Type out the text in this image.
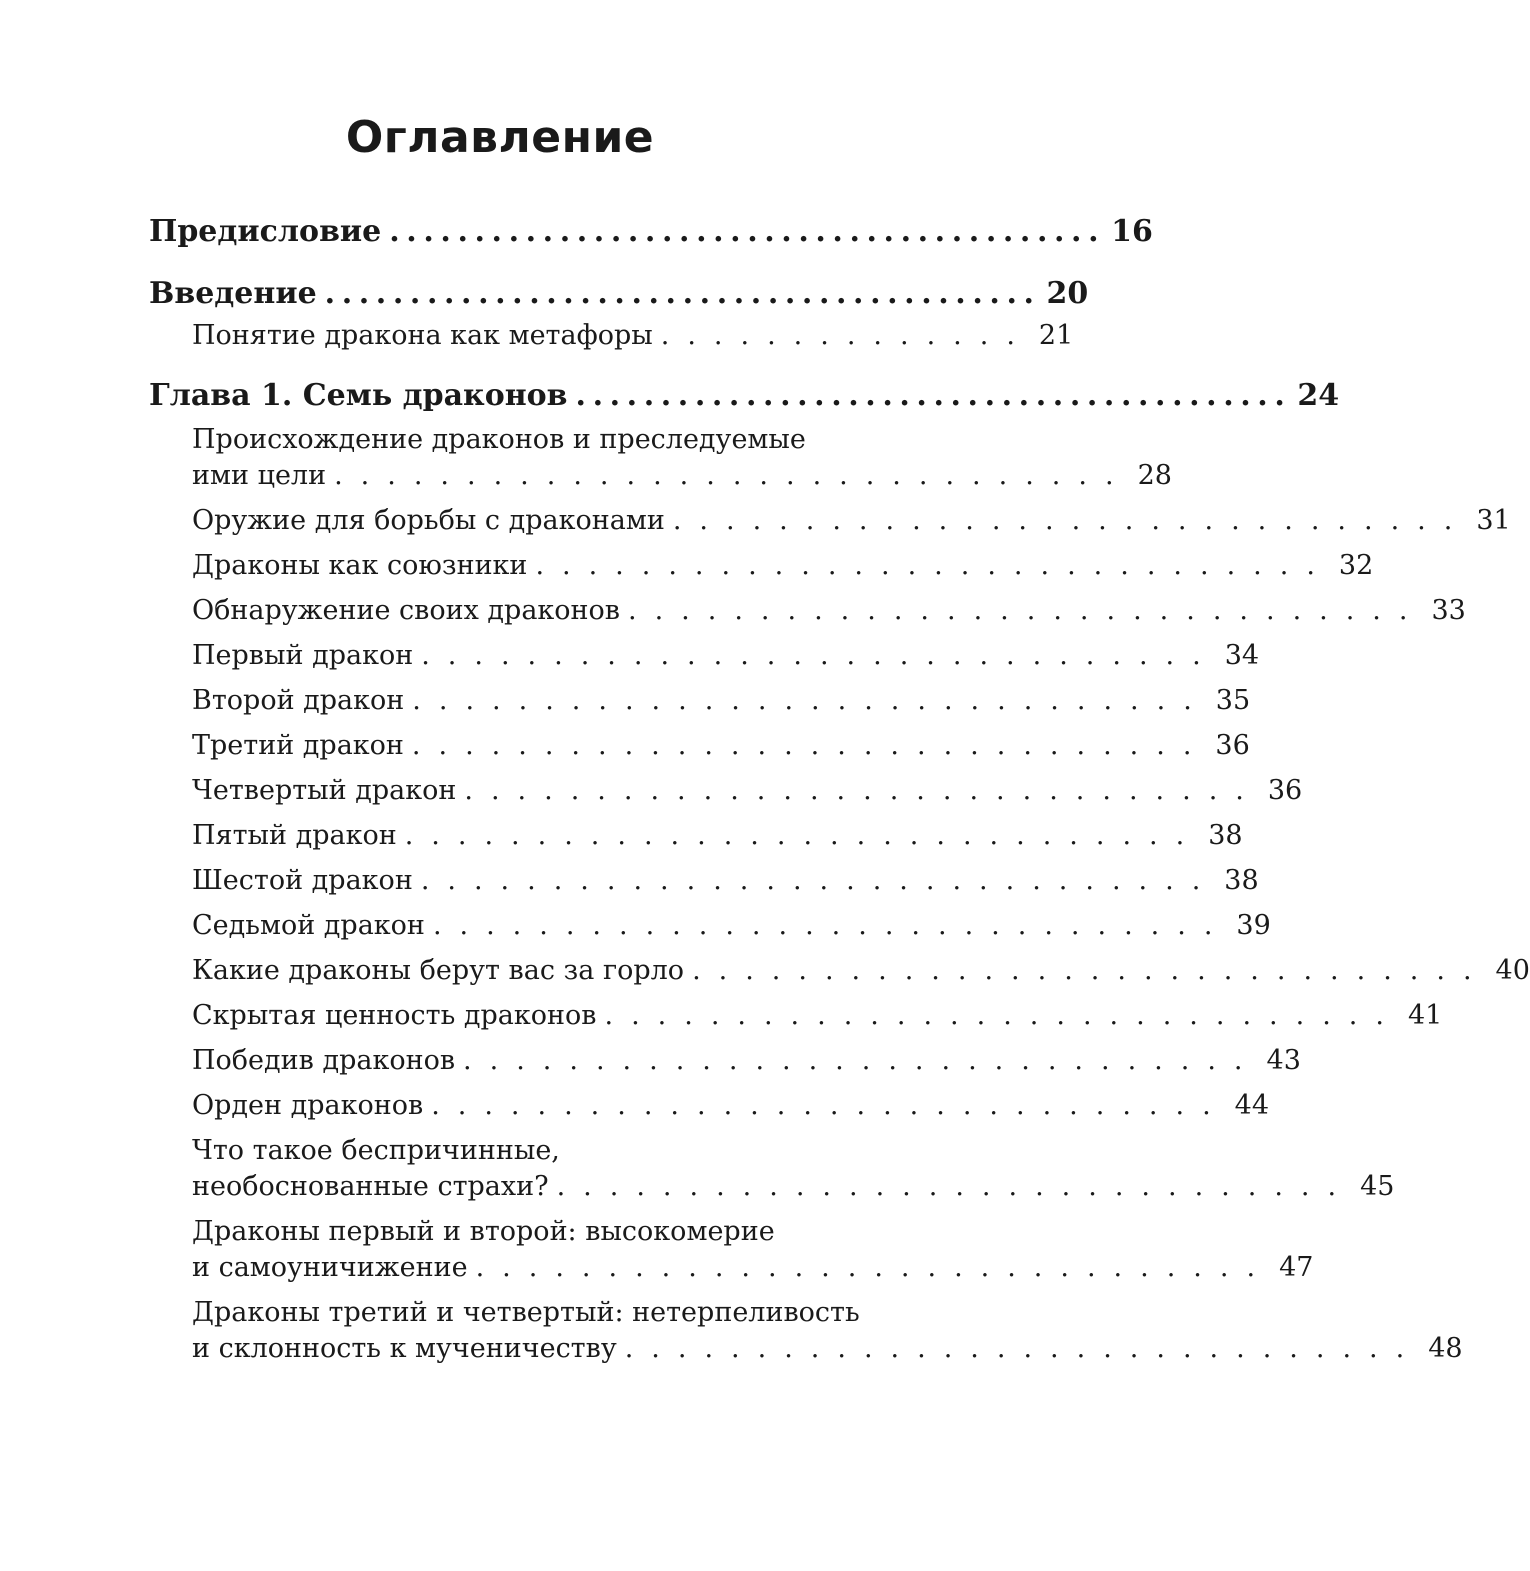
Оглавление
Предисловие .......................................... 16
Введение .......................................... 20
Понятие дракона как метафоры .............. 21
Глава 1. Семь драконов .......................................... 24
Происхождение драконов и преследуемые
ими цели .............................. 28
Оружие для борьбы с драконами .............................. 31
Драконы как союзники .............................. 32
Обнаружение своих драконов .............................. 33
Первый дракон .............................. 34
Второй дракон .............................. 35
Третий дракон .............................. 36
Четвертый дракон .............................. 36
Пятый дракон .............................. 38
Шестой дракон .............................. 38
Седьмой дракон .............................. 39
Какие драконы берут вас за горло .............................. 40
Скрытая ценность драконов .............................. 41
Победив драконов .............................. 43
Орден драконов .............................. 44
Что такое беспричинные,
необоснованные страхи? .............................. 45
Драконы первый и второй: высокомерие
и самоуничижение .............................. 47
Драконы третий и четвертый: нетерпеливость
и склонность к мученичеству .............................. 48
